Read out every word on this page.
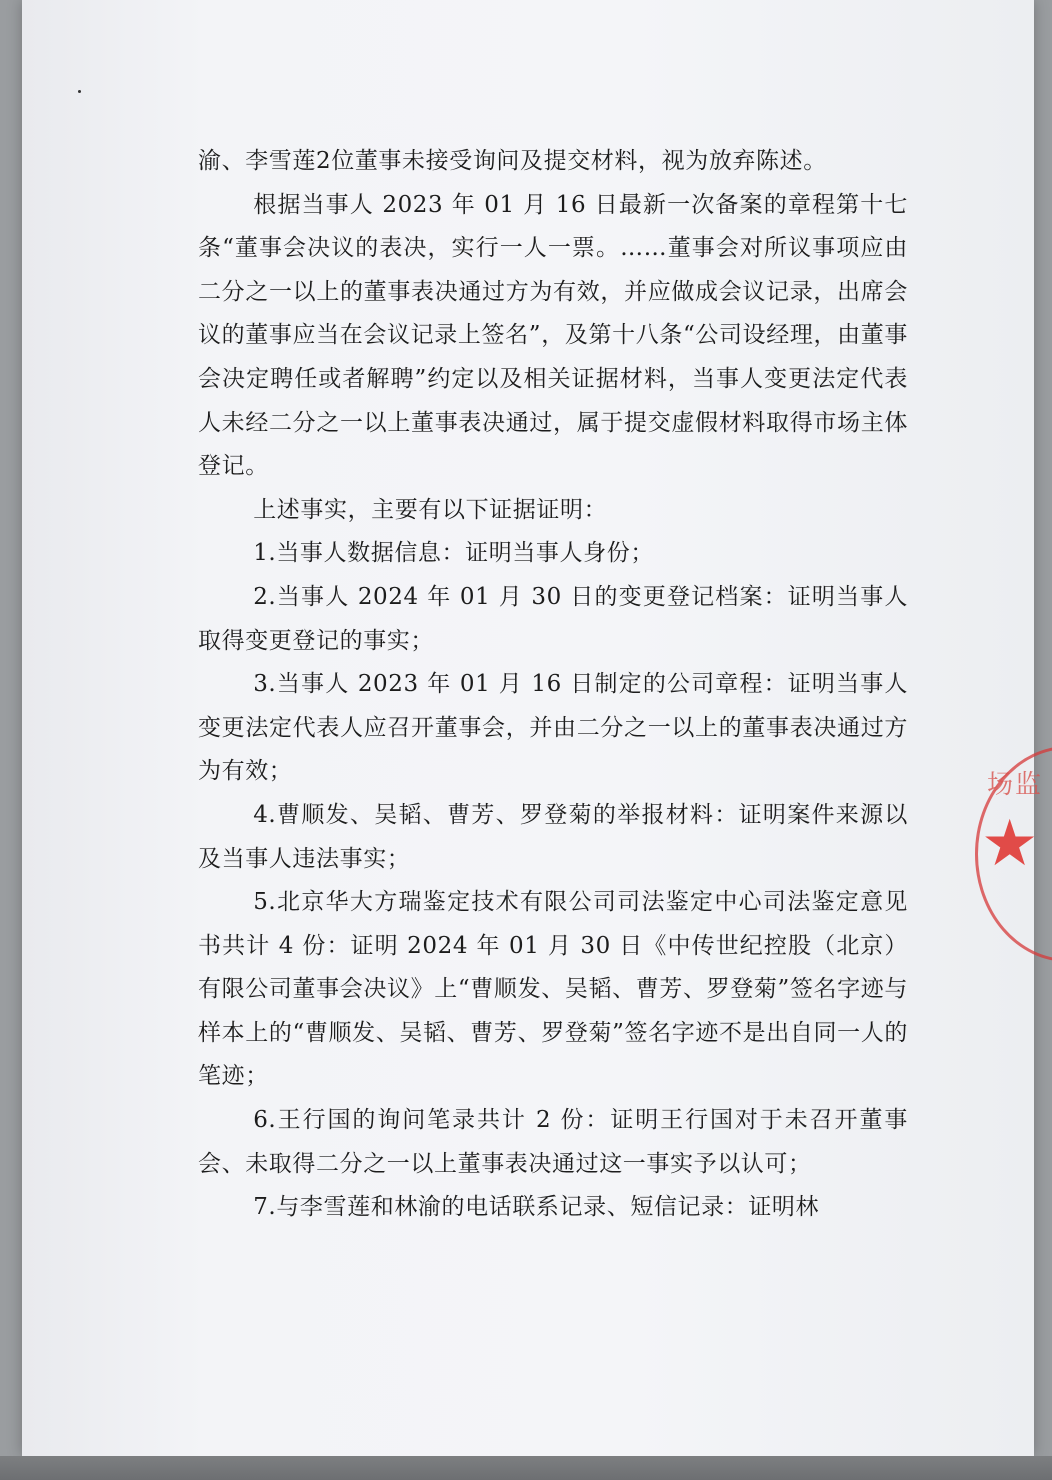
渝、李雪莲2位董事未接受询问及提交材料，视为放弃陈述。

根据当事人 2023 年 01 月 16 日最新一次备案的章程第十七条“董事会决议的表决，实行一人一票。……董事会对所议事项应由二分之一以上的董事表决通过方为有效，并应做成会议记录，出席会议的董事应当在会议记录上签名”，及第十八条“公司设经理，由董事会决定聘任或者解聘”约定以及相关证据材料，当事人变更法定代表人未经二分之一以上董事表决通过，属于提交虚假材料取得市场主体登记。

上述事实，主要有以下证据证明：

1.当事人数据信息：证明当事人身份；

2.当事人 2024 年 01 月 30 日的变更登记档案：证明当事人取得变更登记的事实；

3.当事人 2023 年 01 月 16 日制定的公司章程：证明当事人变更法定代表人应召开董事会，并由二分之一以上的董事表决通过方为有效；

4.曹顺发、吴韬、曹芳、罗登菊的举报材料：证明案件来源以及当事人违法事实；

5.北京华大方瑞鉴定技术有限公司司法鉴定中心司法鉴定意见书共计 4 份：证明 2024 年 01 月 30 日《中传世纪控股（北京）有限公司董事会决议》上“曹顺发、吴韬、曹芳、罗登菊”签名字迹与样本上的“曹顺发、吴韬、曹芳、罗登菊”签名字迹不是出自同一人的笔迹；

6.王行国的询问笔录共计 2 份：证明王行国对于未召开董事会、未取得二分之一以上董事表决通过这一事实予以认可；

7.与李雪莲和林渝的电话联系记录、短信记录：证明林

场监
★
